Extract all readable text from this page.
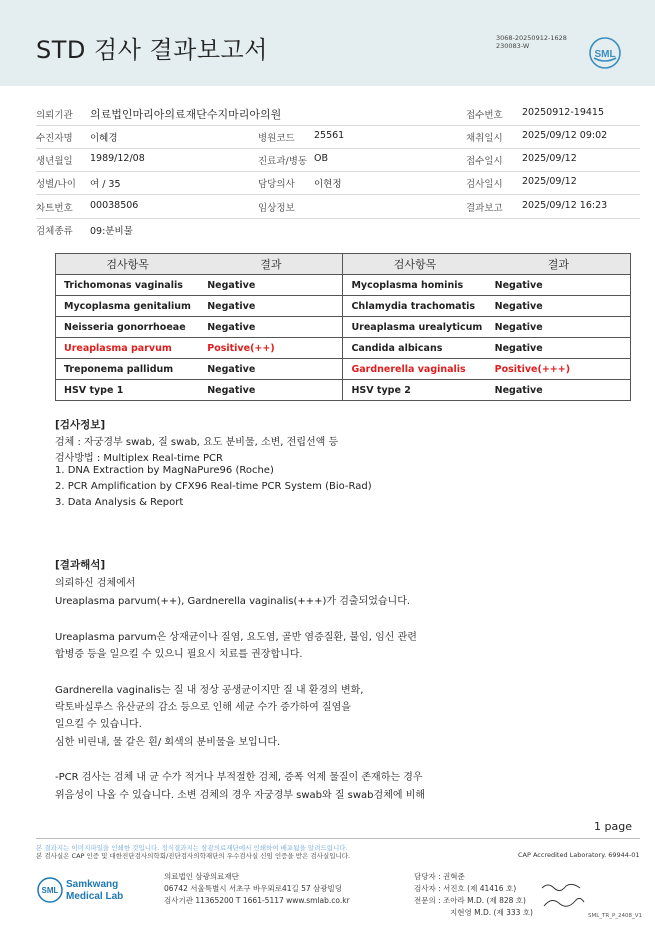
STD 검사 결과보고서	3068-20250912-1628
230083-W
SML
의뢰기관 의료법인마리아의료재단수지마리아의원	접수번호 20250912-19415
수진자명 이혜경	병원코드 25561	채취일시 2025/09/12 09:02
생년월일 1989/12/08	진료과/병동 OB	접수일시 2025/09/12
성별/나이 여 / 35	담당의사 이현정	검사일시 2025/09/12
차트번호 00038506	임상정보	결과보고 2025/09/12 16:23
검체종류 09:분비물
검사항목	결과	검사항목	결과
Trichomonas vaginalis	Negative	Mycoplasma hominis	Negative
Mycoplasma genitalium	Negative	Chlamydia trachomatis	Negative
Neisseria gonorrhoeae	Negative	Ureaplasma urealyticum	Negative
Ureaplasma parvum	Positive(++)	Candida albicans	Negative
Treponema pallidum	Negative	Gardnerella vaginalis	Positive(+++)
HSV type 1	Negative	HSV type 2	Negative
[검사정보]
검체 : 자궁경부 swab, 질 swab, 요도 분비물, 소변, 전립선액 등
검사방법 : Multiplex Real-time PCR
1. DNA Extraction by MagNaPure96 (Roche)
2. PCR Amplification by CFX96 Real-time PCR System (Bio-Rad)
3. Data Analysis & Report
[결과해석]
의뢰하신 검체에서
Ureaplasma parvum(++), Gardnerella vaginalis(+++)가 검출되었습니다.
Ureaplasma parvum은 상재균이나 질염, 요도염, 골반 염증질환, 불임, 임신 관련
합병증 등을 일으킬 수 있으니 필요시 치료를 권장합니다.
Gardnerella vaginalis는 질 내 정상 공생균이지만 질 내 환경의 변화,
락토바실루스 유산균의 감소 등으로 인해 세균 수가 증가하여 질염을
일으킬 수 있습니다.
심한 비린내, 물 같은 흰/ 회색의 분비물을 보입니다.
-PCR 검사는 검체 내 균 수가 적거나 부적절한 검체, 증폭 억제 물질이 존재하는 경우
위음성이 나올 수 있습니다. 소변 검체의 경우 자궁경부 swab와 질 swab검체에 비해
1 page
본 결과지는 이미지파일을 인쇄한 것입니다. 정식결과지는 삼광의료재단에서 인쇄하여 배포됨을 알려드립니다.
본 검사실은 CAP 인증 및 대한진단검사의학회/진단검사의학재단의 우수검사실 신임 인증을 받은 검사실입니다.	CAP Accredited Laboratory. 69944-01
SML
Samkwang
Medical Lab
의료법인 삼광의료재단
06742 서울특별시 서초구 바우뫼로41길 57 삼광빌딩
검사기관 11365200 T 1661-5117 www.smlab.co.kr
담당자 : 권혁준
검사자 : 서진호 (제 41416 호)
전문의 : 조아라 M.D. (제 828 호)
지현영 M.D. (제 333 호)	SML_TR_P_2408_V1
